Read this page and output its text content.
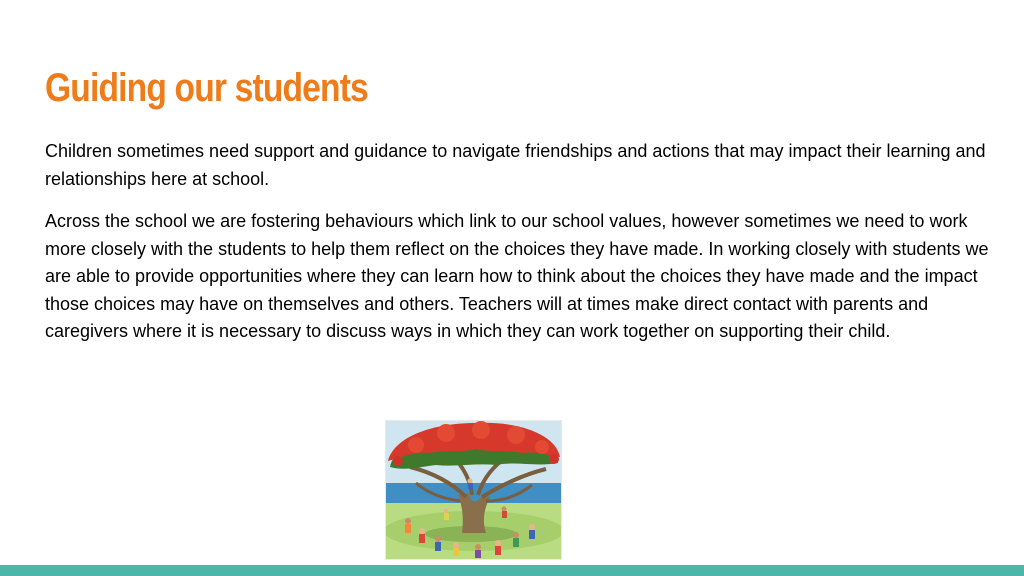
Guiding our students

Children sometimes need support and guidance to navigate friendships and actions that may impact their learning and relationships here at school.

Across the school we are fostering behaviours which link to our school values, however sometimes we need to work more closely with the students to help them reflect on the choices they have made. In working closely with students we are able to provide opportunities where they can learn how to think about the choices they have made and the impact those choices may have on themselves and others. Teachers will at times make direct contact with parents and caregivers where it is necessary to discuss ways in which they can work together on supporting their child.
